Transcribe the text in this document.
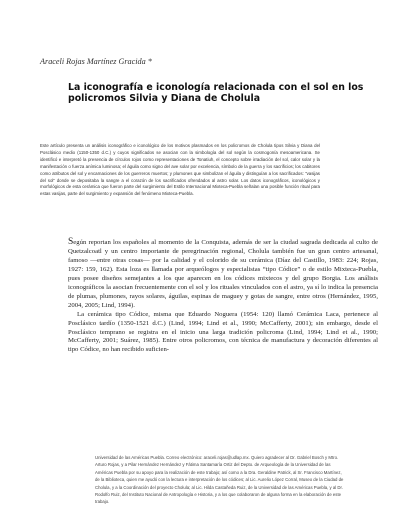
Araceli Rojas Martínez Gracida *
La iconografía e iconología relacionada con el sol en los policromos Silvia y Diana de Cholula

Este artículo presenta un análisis iconográfico e iconológico de los motivos plasmados en los policromos de Cholula tipos Silvia y Diana del Posclásico medio (1150-1350 d.C.) y cuyos significados se asocian con la simbología del sol según la cosmogonía mesoamericana. Se identificó e interpretó la presencia de círculos rojos como representaciones de Tonatiuh, el concepto sobre irradiación del sol, calor solar y la manifestación o fuerza anímica luminosa; el águila como signo del ave solar por excelencia, símbolo de la guerra y los sacrificios; los cabitores como atributos del sol y encarnaciones de los guerreros muertos; y plumones que simbolizan el águila y distinguían a los sacrificados: “vasijas del sol” donde se depositaba la sangre a el corazón de los sacrificados ofrendados al astro solar. Los datos iconográficos, iconológicos y morfológicos de esta cerámica que fueron parte del surgimiento del Estilo Internacional Mixteca-Puebla señalan una posible función ritual para estas vasijas, parte del surgimiento y expansión del fenómeno Mixteca-Puebla.

Según reportan los españoles al momento de la Conquista, además de ser la ciudad sagrada dedicada al culto de Quetzalcoatl y un centro importante de peregrinación regional, Cholula también fue un gran centro artesanal, famoso —entre otras cosas— por la calidad y el colorido de su cerámica (Díaz del Castillo, 1983: 224; Rojas, 1927: 159, 162). Esta loza es llamada por arqueólogos y especialistas “tipo Códice” o de estilo Mixteca-Puebla, pues posee diseños semejantes a los que aparecen en los códices mixtecos y del grupo Borgia. Los análisis iconográficos la asocian frecuentemente con el sol y los rituales vinculados con el astro, ya sí lo indica la presencia de plumas, plumones, rayos solares, águilas, espinas de maguey y gotas de sangre, entre otros (Hernández, 1995, 2004, 2005; Lind, 1994).

La cerámica tipo Códice, misma que Eduardo Noguera (1954: 120) llamó Cerámica Laca, pertenece al Posclásico tardío (1350-1521 d.C.) (Lind, 1994; Lind et al., 1990; McCafferty, 2001); sin embargo, desde el Posclásico temprano se registra en el inicio una larga tradición policroma (Lind, 1994; Lind et al., 1990; McCafferty, 2001; Suárez, 1985). Entre otros policromos, con técnica de manufactura y decoración diferentes al tipo Códice, no han recibido suficien-

Universidad de las Américas Puebla. Correo electrónico: araceli.rojas@udlap.mx. Quiero agradecer al Dr. Gabriel Bosch y Mtro. Arturo Rojas, y a Pilar Hernández Hernández y Fátima Santamaría Ortiz del Depto. de Arqueología de la Universidad de las Américas Puebla por su apoyo para la realización de este trabajo; así como a la Dra. Geraldine Patrick, al Sr. Francisco Martínez, de la Biblioteca, quien me ayudó con la lectura e interpretación de los códices; al Lic. Aurelio López Corral, Museo de la Ciudad de Cholula, y a la Coordinación del proyecto Cholula; al Lic. Hilda Castañeda Ruiz, de la Universidad de las Américas Puebla, y al Dr. Rodolfo Ruiz, del Instituto Nacional de Antropología e Historia, y a los que colaboraron de alguna forma en la elaboración de este trabajo.
